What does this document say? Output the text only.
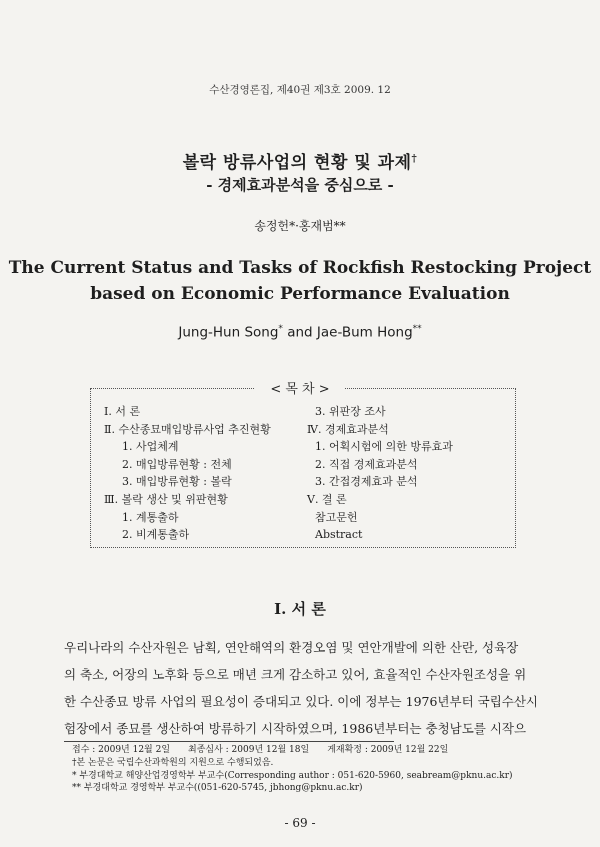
수산경영론집, 제40권 제3호 2009. 12
볼락 방류사업의 현황 및 과제†
- 경제효과분석을 중심으로 -
송정헌*·홍재범**
The Current Status and Tasks of Rockfish Restocking Project
based on Economic Performance Evaluation
Jung-Hun Song* and Jae-Bum Hong**
< 목 차 >
Ⅰ. 서 론
Ⅱ. 수산종묘매입방류사업 추진현황
1. 사업체계
2. 매입방류현황 : 전체
3. 매입방류현황 : 볼락
Ⅲ. 볼락 생산 및 위판현황
1. 계통출하
2. 비계통출하
3. 위판장 조사
Ⅳ. 경제효과분석
1. 어획시험에 의한 방류효과
2. 직접 경제효과분석
3. 간접경제효과 분석
Ⅴ. 결 론
참고문헌
Abstract
Ⅰ. 서 론
우리나라의 수산자원은 남획, 연안해역의 환경오염 및 연안개발에 의한 산란, 성육장
의 축소, 어장의 노후화 등으로 매년 크게 감소하고 있어, 효율적인 수산자원조성을 위
한 수산종묘 방류 사업의 필요성이 증대되고 있다. 이에 정부는 1976년부터 국립수산시
험장에서 종묘를 생산하여 방류하기 시작하였으며, 1986년부터는 충청남도를 시작으
접수 : 2009년 12월 2일 최종심사 : 2009년 12월 18일 게재확정 : 2009년 12월 22일
†본 논문은 국립수산과학원의 지원으로 수행되었음.
* 부경대학교 해양산업경영학부 부교수(Corresponding author : 051-620-5960, seabream@pknu.ac.kr)
** 부경대학교 경영학부 부교수((051-620-5745, jbhong@pknu.ac.kr)
- 69 -
